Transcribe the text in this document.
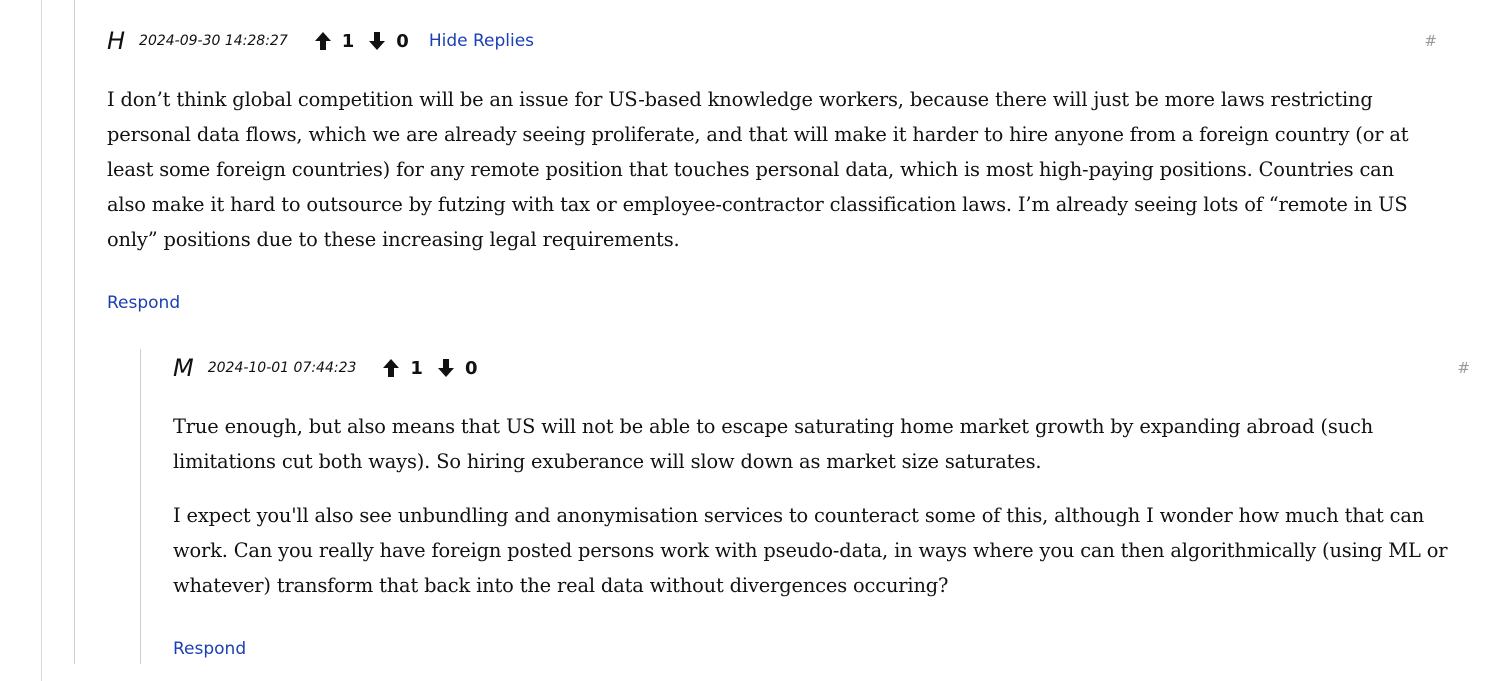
H 2024-09-30 14:28:27	1 0 Hide Replies	#

I don’t think global competition will be an issue for US-based knowledge workers, because there will just be more laws restricting personal data flows, which we are already seeing proliferate, and that will make it harder to hire anyone from a foreign country (or at least some foreign countries) for any remote position that touches personal data, which is most high-paying positions. Countries can also make it hard to outsource by futzing with tax or employee-contractor classification laws. I’m already seeing lots of “remote in US only” positions due to these increasing legal requirements.

Respond
M 2024-10-01 07:44:23	1 0	#

True enough, but also means that US will not be able to escape saturating home market growth by expanding abroad (such limitations cut both ways). So hiring exuberance will slow down as market size saturates.

I expect you'll also see unbundling and anonymisation services to counteract some of this, although I wonder how much that can work. Can you really have foreign posted persons work with pseudo-data, in ways where you can then algorithmically (using ML or whatever) transform that back into the real data without divergences occuring?

Respond
